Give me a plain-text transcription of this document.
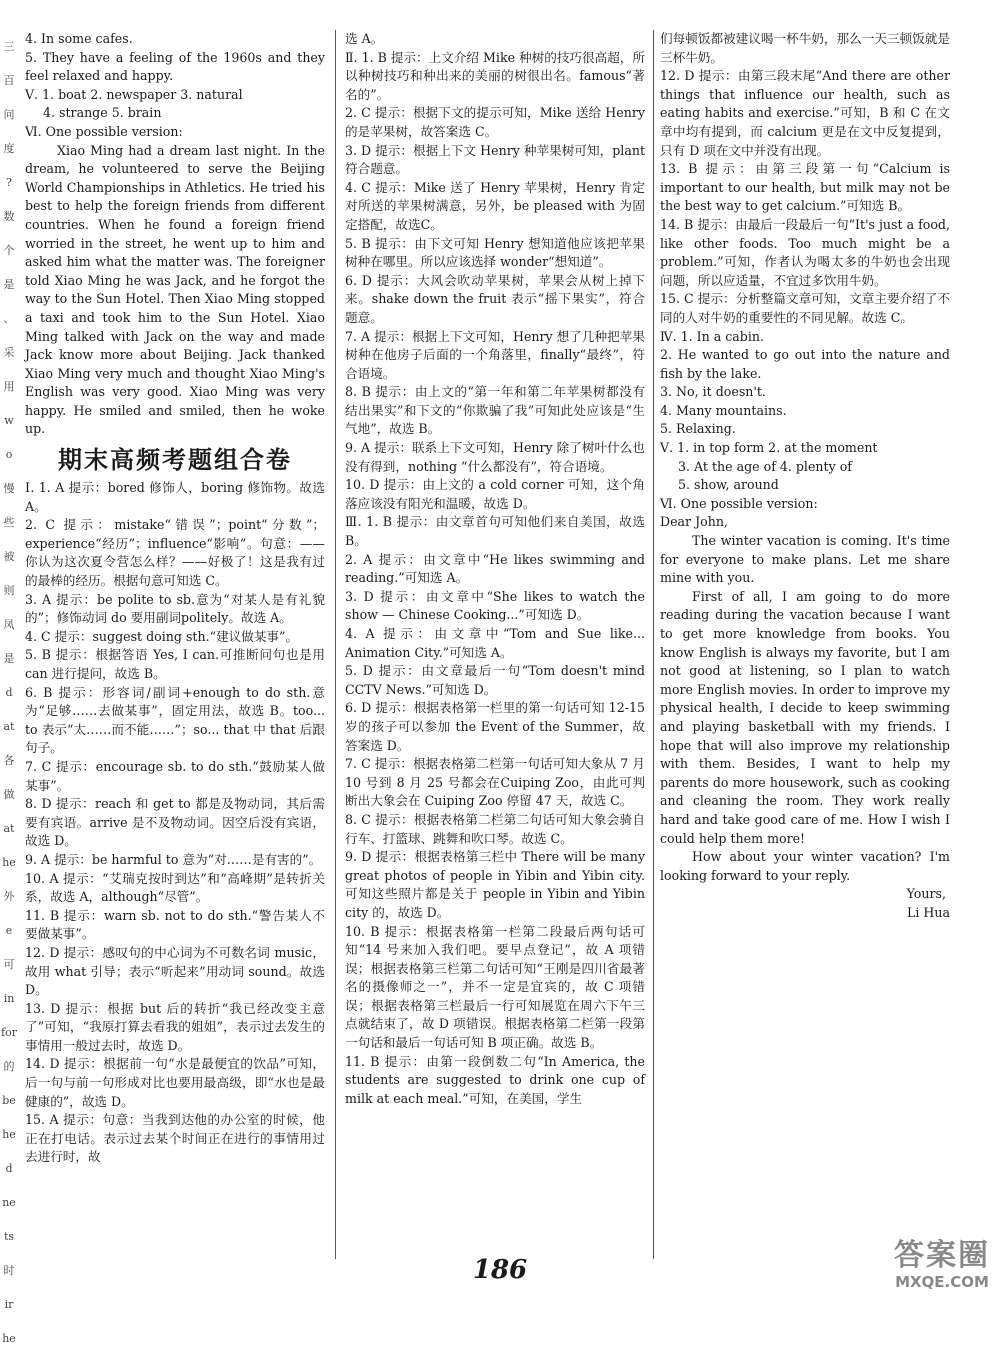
三
百
问
度
?
数
个
是
、
采
用
w
o
慢
些
被
则
凤
是
d
at
各
做
at
he
外
e
可
in
for
的
be
he
d
ne
ts
时
ir
he

4. In some cafes.

5. They have a feeling of the 1960s and they feel relaxed and happy.

Ⅴ. 1. boat 2. newspaper 3. natural

4. strange 5. brain

Ⅵ. One possible version:

Xiao Ming had a dream last night. In the dream, he volunteered to serve the Beijing World Championships in Athletics. He tried his best to help the foreign friends from different countries. When he found a foreign friend worried in the street, he went up to him and asked him what the matter was. The foreigner told Xiao Ming he was Jack, and he forgot the way to the Sun Hotel. Then Xiao Ming stopped a taxi and took him to the Sun Hotel. Xiao Ming talked with Jack on the way and made Jack know more about Beijing. Jack thanked Xiao Ming very much and thought Xiao Ming's English was very good. Xiao Ming was very happy. He smiled and smiled, then he woke up.

期末高频考题组合卷

Ⅰ. 1. A 提示：bored 修饰人，boring 修饰物。故选 A。

2. C 提示：mistake“错误”；point“分数”；experience“经历”；influence“影响”。句意：——你认为这次夏令营怎么样？——好极了！这是我有过的最棒的经历。根据句意可知选 C。

3. A 提示：be polite to sb.意为“对某人是有礼貌的”；修饰动词 do 要用副词politely。故选 A。

4. C 提示：suggest doing sth.“建议做某事”。

5. B 提示：根据答语 Yes, I can.可推断问句也是用 can 进行提问，故选 B。

6. B 提示：形容词/副词+enough to do sth.意为“足够……去做某事”，固定用法，故选 B。too... to 表示“太……而不能……”；so... that 中 that 后跟句子。

7. C 提示：encourage sb. to do sth.“鼓励某人做某事”。

8. D 提示：reach 和 get to 都是及物动词，其后需要有宾语。arrive 是不及物动词。因空后没有宾语，故选 D。

9. A 提示：be harmful to 意为“对……是有害的”。

10. A 提示：“艾瑞克按时到达”和“高峰期”是转折关系，故选 A，although“尽管”。

11. B 提示：warn sb. not to do sth.“警告某人不要做某事”。

12. D 提示：感叹句的中心词为不可数名词 music，故用 what 引导；表示“听起来”用动词 sound。故选 D。

13. D 提示：根据 but 后的转折“我已经改变主意了”可知，“我原打算去看我的姐姐”，表示过去发生的事情用一般过去时，故选 D。

14. D 提示：根据前一句“水是最便宜的饮品”可知，后一句与前一句形成对比也要用最高级，即“水也是最健康的”，故选 D。

15. A 提示：句意：当我到达他的办公室的时候，他正在打电话。表示过去某个时间正在进行的事情用过去进行时，故

选 A。

Ⅱ. 1. B 提示：上文介绍 Mike 种树的技巧很高超，所以种树技巧和种出来的美丽的树很出名。famous“著名的”。

2. C 提示：根据下文的提示可知，Mike 送给 Henry 的是苹果树，故答案选 C。

3. D 提示：根据上下文 Henry 种苹果树可知，plant 符合题意。

4. C 提示：Mike 送了 Henry 苹果树，Henry 肯定对所送的苹果树满意，另外，be pleased with 为固定搭配，故选C。

5. B 提示：由下文可知 Henry 想知道他应该把苹果树种在哪里。所以应该选择 wonder“想知道”。

6. D 提示：大风会吹动苹果树，苹果会从树上掉下来。shake down the fruit 表示“摇下果实”，符合题意。

7. A 提示：根据上下文可知，Henry 想了几种把苹果树种在他房子后面的一个角落里，finally“最终”，符合语境。

8. B 提示：由上文的“第一年和第二年苹果树都没有结出果实”和下文的“你欺骗了我”可知此处应该是“生气地”，故选 B。

9. A 提示：联系上下文可知，Henry 除了树叶什么也没有得到，nothing “什么都没有”，符合语境。

10. D 提示：由上文的 a cold corner 可知，这个角落应该没有阳光和温暖，故选 D。

Ⅲ. 1. B 提示：由文章首句可知他们来自美国，故选 B。

2. A 提示：由文章中“He likes swimming and reading.”可知选 A。

3. D 提示：由文章中“She likes to watch the show — Chinese Cooking...”可知选 D。

4. A 提示：由文章中“Tom and Sue like... Animation City.”可知选 A。

5. D 提示：由文章最后一句“Tom doesn't mind CCTV News.”可知选 D。

6. D 提示：根据表格第一栏里的第一句话可知 12-15 岁的孩子可以参加 the Event of the Summer，故答案选 D。

7. C 提示：根据表格第二栏第一句话可知大象从 7 月 10 号到 8 月 25 号都会在Cuiping Zoo，由此可判断出大象会在 Cuiping Zoo 停留 47 天，故选 C。

8. C 提示：根据表格第二栏第二句话可知大象会骑自行车、打篮球、跳舞和吹口琴。故选 C。

9. D 提示：根据表格第三栏中 There will be many great photos of people in Yibin and Yibin city.可知这些照片都是关于 people in Yibin and Yibin city 的，故选 D。

10. B 提示：根据表格第一栏第二段最后两句话可知“14 号来加入我们吧。要早点登记”，故 A 项错误；根据表格第三栏第二句话可知“王刚是四川省最著名的摄像师之一”，并不一定是宜宾的，故 C 项错误；根据表格第三栏最后一行可知展览在周六下午三点就结束了，故 D 项错误。根据表格第二栏第一段第一句话和最后一句话可知 B 项正确。故选 B。

11. B 提示：由第一段倒数二句“In America, the students are suggested to drink one cup of milk at each meal.”可知，在美国，学生

们每顿饭都被建议喝一杯牛奶，那么一天三顿饭就是三杯牛奶。

12. D 提示：由第三段末尾“And there are other things that influence our health, such as eating habits and exercise.”可知，B 和 C 在文章中均有提到，而 calcium 更是在文中反复提到，只有 D 项在文中并没有出现。

13. B 提示：由第三段第一句“Calcium is important to our health, but milk may not be the best way to get calcium.”可知选 B。

14. B 提示：由最后一段最后一句“It's just a food, like other foods. Too much might be a problem.”可知，作者认为喝太多的牛奶也会出现问题，所以应适量，不宜过多饮用牛奶。

15. C 提示：分析整篇文章可知，文章主要介绍了不同的人对牛奶的重要性的不同见解。故选 C。

Ⅳ. 1. In a cabin.

2. He wanted to go out into the nature and fish by the lake.

3. No, it doesn't.

4. Many mountains.

5. Relaxing.

Ⅴ. 1. in top form 2. at the moment

3. At the age of 4. plenty of

5. show, around

Ⅵ. One possible version:

Dear John,

The winter vacation is coming. It's time for everyone to make plans. Let me share mine with you.

First of all, I am going to do more reading during the vacation because I want to get more knowledge from books. You know English is always my favorite, but I am not good at listening, so I plan to watch more English movies. In order to improve my physical health, I decide to keep swimming and playing basketball with my friends. I hope that will also improve my relationship with them. Besides, I want to help my parents do more housework, such as cooking and cleaning the room. They work really hard and take good care of me. How I wish I could help them more!

How about your winter vacation? I'm looking forward to your reply.

Yours,

Li Hua

186	答案圈
MXQE.COM
